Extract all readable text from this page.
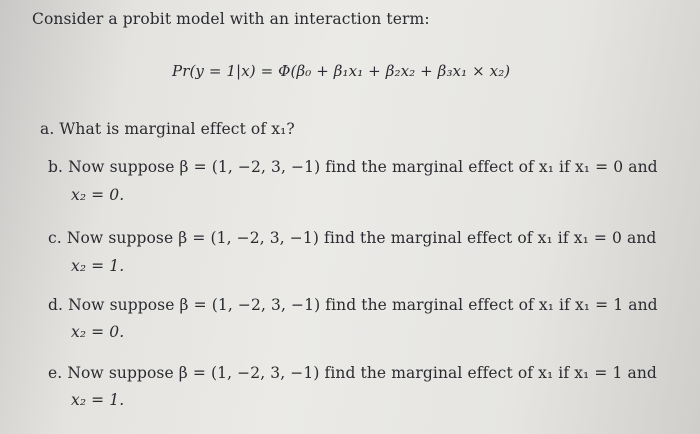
Consider a probit model with an interaction term:
Pr(y = 1|x) = Φ(β₀ + β₁x₁ + β₂x₂ + β₃x₁ × x₂)
a. What is marginal effect of x₁?
b. Now suppose β = (1, −2, 3, −1) find the marginal effect of x₁ if x₁ = 0 and
x₂ = 0.
c. Now suppose β = (1, −2, 3, −1) find the marginal effect of x₁ if x₁ = 0 and
x₂ = 1.
d. Now suppose β = (1, −2, 3, −1) find the marginal effect of x₁ if x₁ = 1 and
x₂ = 0.
e. Now suppose β = (1, −2, 3, −1) find the marginal effect of x₁ if x₁ = 1 and
x₂ = 1.
